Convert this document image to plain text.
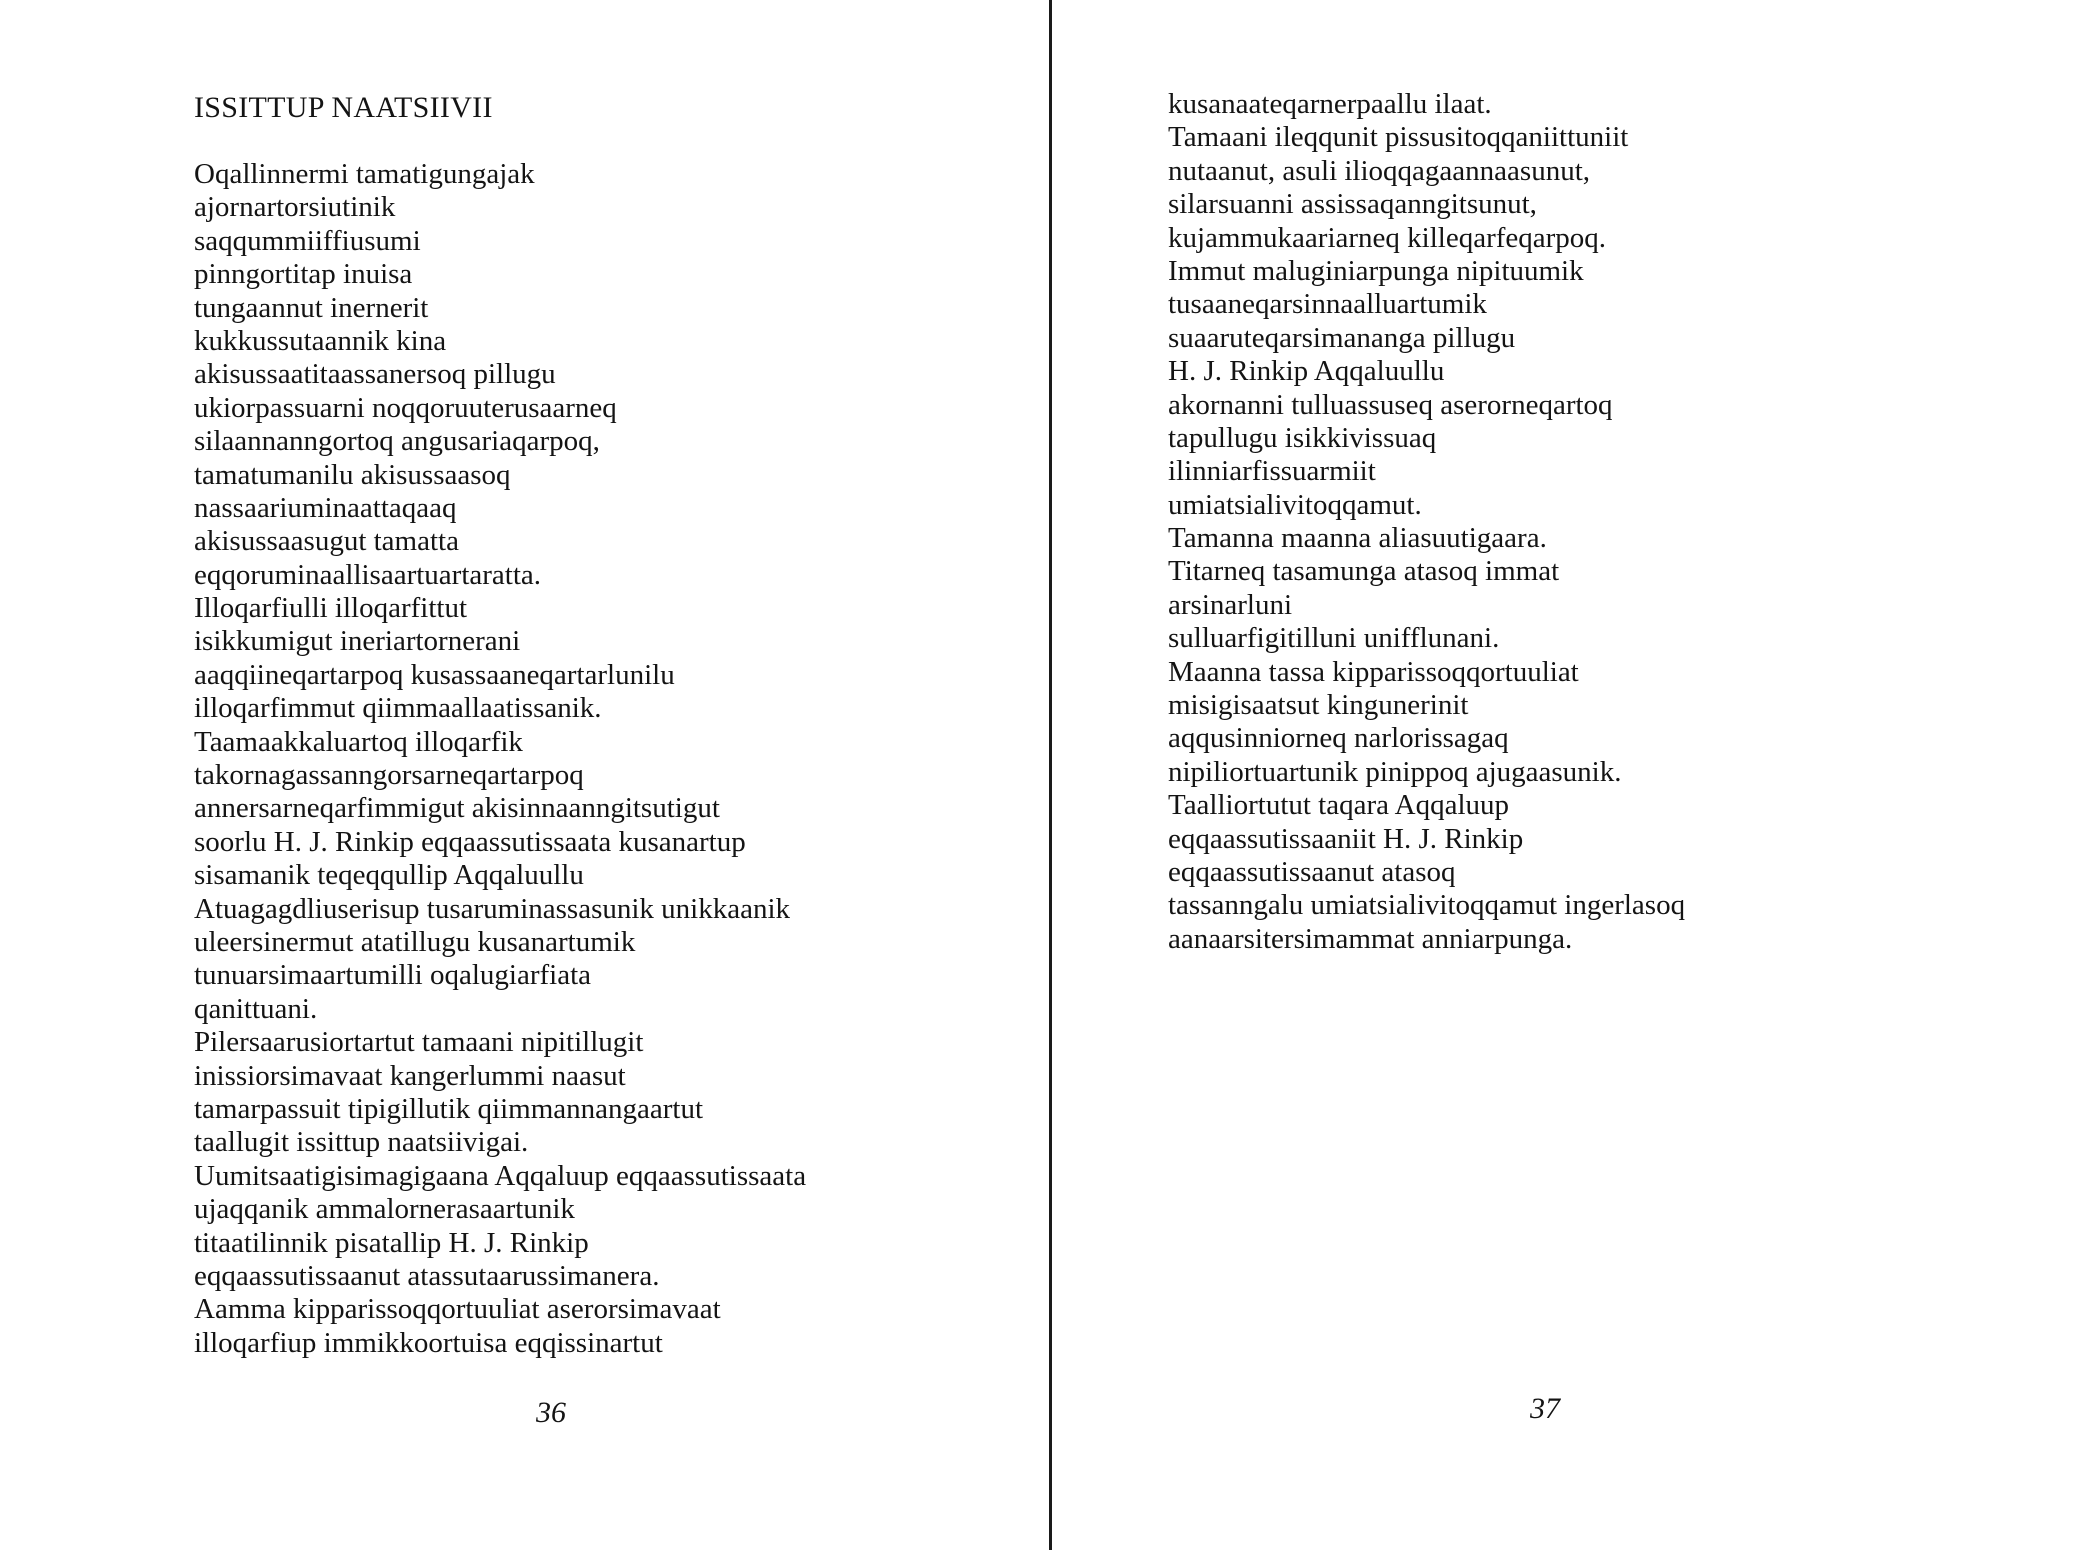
ISSITTUP NAATSIIVII
Oqallinnermi tamatigungajak
ajornartorsiutinik
saqqummiiffiusumi
pinngortitap inuisa
tungaannut inernerit
kukkussutaannik kina
akisussaatitaassanersoq pillugu
ukiorpassuarni noqqoruuterusaarneq
silaannanngortoq angusariaqarpoq,
tamatumanilu akisussaasoq
nassaariuminaattaqaaq
akisussaasugut tamatta
eqqoruminaallisaartuartaratta.
Illoqarfiulli illoqarfittut
isikkumigut ineriartornerani
aaqqiineqartarpoq kusassaaneqartarlunilu
illoqarfimmut qiimmaallaatissanik.
Taamaakkaluartoq illoqarfik
takornagassanngorsarneqartarpoq
annersarneqarfimmigut akisinnaanngitsutigut
soorlu H. J. Rinkip eqqaassutissaata kusanartup
sisamanik teqeqqullip Aqqaluullu
Atuagagdliuserisup tusaruminassasunik unikkaanik
uleersinermut atatillugu kusanartumik
tunuarsimaartumilli oqalugiarfiata
qanittuani.
Pilersaarusiortartut tamaani nipitillugit
inissiorsimavaat kangerlummi naasut
tamarpassuit tipigillutik qiimmannangaartut
taallugit issittup naatsiivigai.
Uumitsaatigisimagigaana Aqqaluup eqqaassutissaata
ujaqqanik ammalornerasaartunik
titaatilinnik pisatallip H. J. Rinkip
eqqaassutissaanut atassutaarussimanera.
Aamma kipparissoqqortuuliat aserorsimavaat
illoqarfiup immikkoortuisa eqqissinartut
36
kusanaateqarnerpaallu ilaat.
Tamaani ileqqunit pissusitoqqaniittuniit
nutaanut, asuli ilioqqagaannaasunut,
silarsuanni assissaqanngitsunut,
kujammukaariarneq killeqarfeqarpoq.
Immut maluginiarpunga nipituumik
tusaaneqarsinnaalluartumik
suaaruteqarsimananga pillugu
H. J. Rinkip Aqqaluullu
akornanni tulluassuseq aserorneqartoq
tapullugu isikkivissuaq
ilinniarfissuarmiit
umiatsialivitoqqamut.
Tamanna maanna aliasuutigaara.
Titarneq tasamunga atasoq immat
arsinarluni
sulluarfigitilluni unifflunani.
Maanna tassa kipparissoqqortuuliat
misigisaatsut kingunerinit
aqqusinniorneq narlorissagaq
nipiliortuartunik pinippoq ajugaasunik.
Taalliortutut taqara Aqqaluup
eqqaassutissaaniit H. J. Rinkip
eqqaassutissaanut atasoq
tassanngalu umiatsialivitoqqamut ingerlasoq
aanaarsitersimammat anniarpunga.
37
